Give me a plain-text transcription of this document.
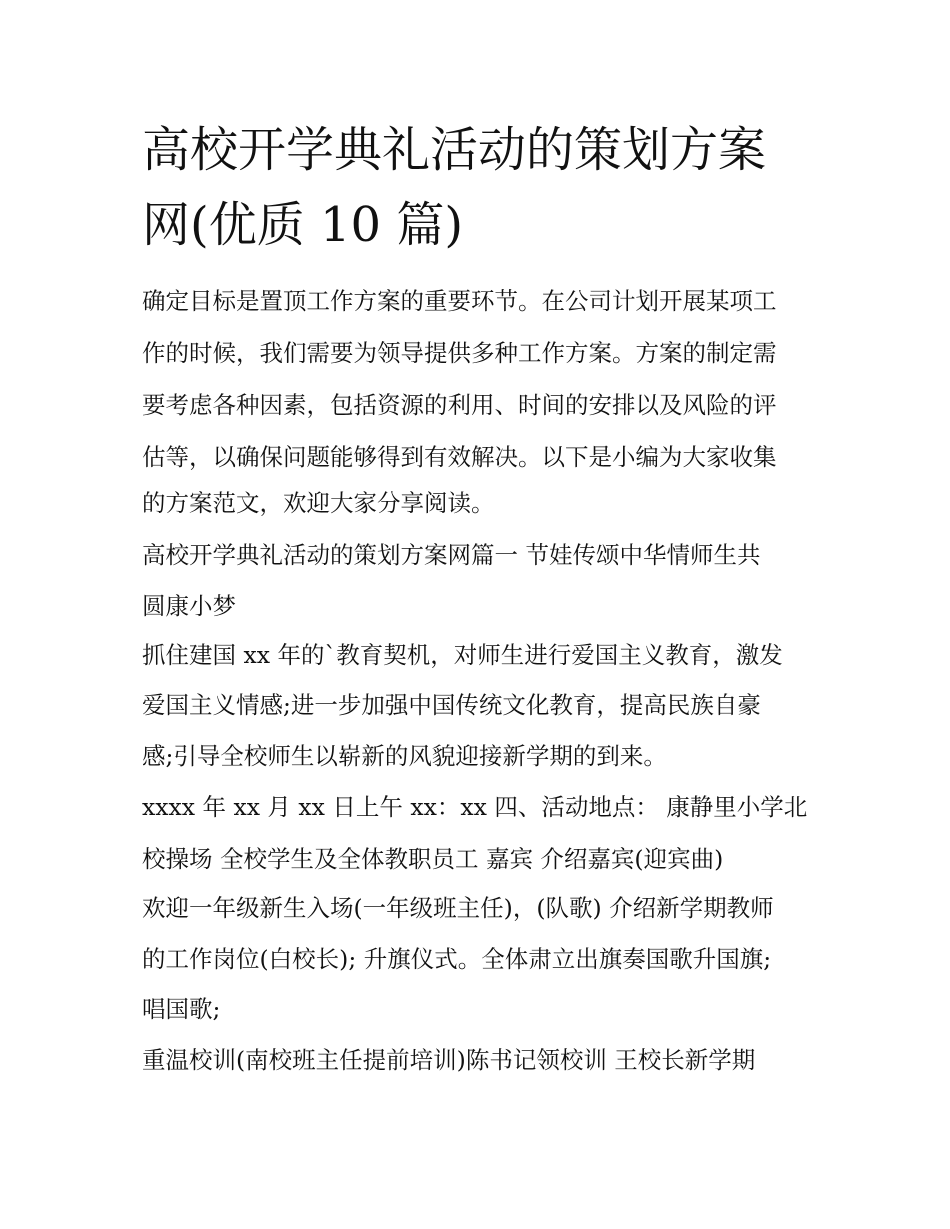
高校开学典礼活动的策划方案
网(优质 10 篇)
确定目标是置顶工作方案的重要环节。在公司计划开展某项工
作的时候，我们需要为领导提供多种工作方案。方案的制定需
要考虑各种因素，包括资源的利用、时间的安排以及风险的评
估等，以确保问题能够得到有效解决。以下是小编为大家收集
的方案范文，欢迎大家分享阅读。
高校开学典礼活动的策划方案网篇一 节娃传颂中华情师生共
圆康小梦
抓住建国 xx 年的`教育契机，对师生进行爱国主义教育，激发
爱国主义情感;进一步加强中国传统文化教育，提高民族自豪
感;引导全校师生以崭新的风貌迎接新学期的到来。
xxxx 年 xx 月 xx 日上午 xx：xx 四、活动地点： 康静里小学北
校操场 全校学生及全体教职员工 嘉宾 介绍嘉宾(迎宾曲)
欢迎一年级新生入场(一年级班主任)，(队歌) 介绍新学期教师
的工作岗位(白校长); 升旗仪式。全体肃立出旗奏国歌升国旗;
唱国歌;
重温校训(南校班主任提前培训)陈书记领校训 王校长新学期
